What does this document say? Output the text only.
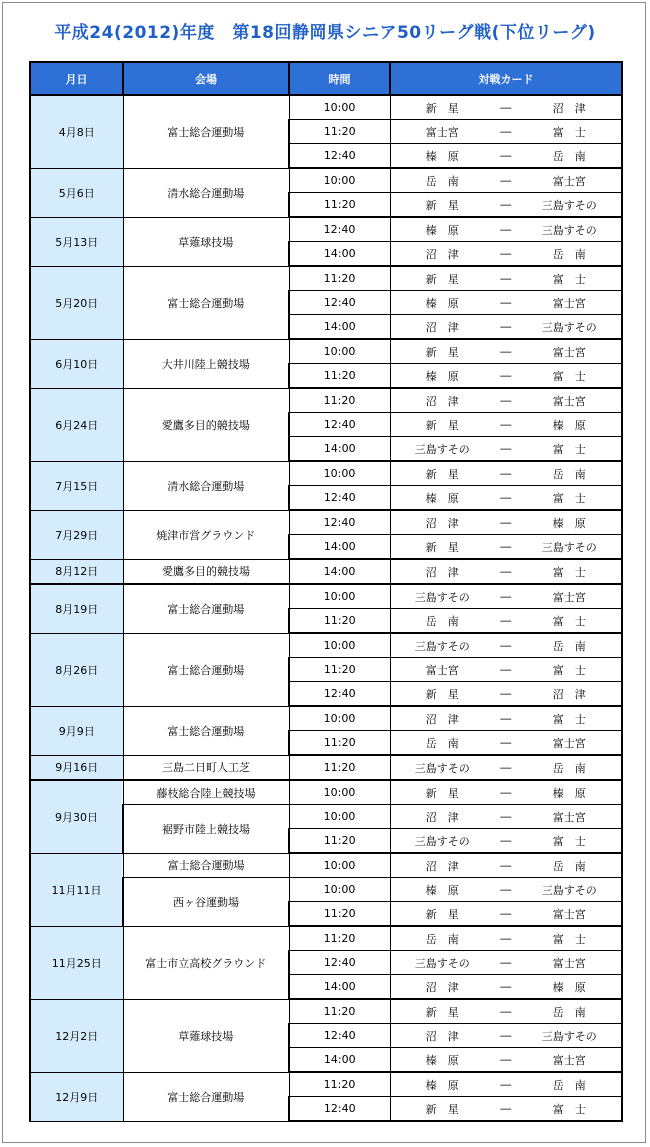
平成24(2012)年度　第18回静岡県シニア50リーグ戦(下位リーグ)
月日	会場	時間	対戦カード
4月8日	富士総合運動場	10:00	新　星 ― 沼　津

		11:20	富士宮 ― 富　士

		12:40	榛　原 ― 岳　南

5月6日	清水総合運動場	10:00	岳　南 ― 富士宮

		11:20	新　星 ― 三島すその

5月13日	草薙球技場	12:40	榛　原 ― 三島すその

		14:00	沼　津 ― 岳　南

5月20日	富士総合運動場	11:20	新　星 ― 富　士

		12:40	榛　原 ― 富士宮

		14:00	沼　津 ― 三島すその

6月10日	大井川陸上競技場	10:00	新　星 ― 富士宮

		11:20	榛　原 ― 富　士

6月24日	愛鷹多目的競技場	11:20	沼　津 ― 富士宮

		12:40	新　星 ― 榛　原

		14:00	三島すその ― 富　士

7月15日	清水総合運動場	10:00	新　星 ― 岳　南

		12:40	榛　原 ― 富　士

7月29日	焼津市営グラウンド	12:40	沼　津 ― 榛　原

		14:00	新　星 ― 三島すその

8月12日	愛鷹多目的競技場	14:00	沼　津 ― 富　士

8月19日	富士総合運動場	10:00	三島すその ― 富士宮

		11:20	岳　南 ― 富　士

8月26日	富士総合運動場	10:00	三島すその ― 岳　南

		11:20	富士宮 ― 富　士

		12:40	新　星 ― 沼　津

9月9日	富士総合運動場	10:00	沼　津 ― 富　士

		11:20	岳　南 ― 富士宮

9月16日	三島二日町人工芝	11:20	三島すその ― 岳　南

9月30日	藤枝総合陸上競技場	10:00	新　星 ― 榛　原

	裾野市陸上競技場	10:00	沼　津 ― 富士宮

		11:20	三島すその ― 富　士

11月11日	富士総合運動場	10:00	沼　津 ― 岳　南

	西ヶ谷運動場	10:00	榛　原 ― 三島すその

		11:20	新　星 ― 富士宮

11月25日	富士市立高校グラウンド	11:20	岳　南 ― 富　士

		12:40	三島すその ― 富士宮

		14:00	沼　津 ― 榛　原

12月2日	草薙球技場	11:20	新　星 ― 岳　南

		12:40	沼　津 ― 三島すその

		14:00	榛　原 ― 富士宮

12月9日	富士総合運動場	11:20	榛　原 ― 岳　南

		12:40	新　星 ― 富　士
